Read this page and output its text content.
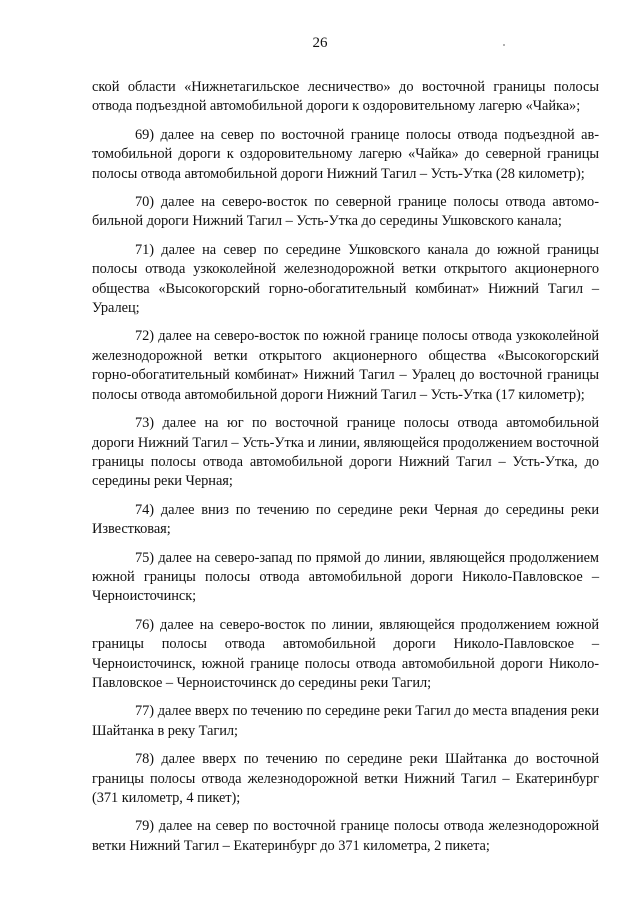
26

ской области «Нижнетагильское лесничество» до восточной границы полосы отвода подъездной автомобильной дороги к оздоровительному лагерю «Чайка»;

69) далее на север по восточной границе полосы отвода подъездной автомобильной дороги к оздоровительному лагерю «Чайка» до северной границы полосы отвода автомобильной дороги Нижний Тагил – Усть-Утка (28 километр);

70) далее на северо-восток по северной границе полосы отвода автомобильной дороги Нижний Тагил – Усть-Утка до середины Ушковского канала;

71) далее на север по середине Ушковского канала до южной границы полосы отвода узкоколейной железнодорожной ветки открытого акционерного общества «Высокогорский горно-обогатительный комбинат» Нижний Тагил – Уралец;

72) далее на северо-восток по южной границе полосы отвода узкоколейной железнодорожной ветки открытого акционерного общества «Высокогорский горно-обогатительный комбинат» Нижний Тагил – Уралец до восточной границы полосы отвода автомобильной дороги Нижний Тагил – Усть-Утка (17 километр);

73) далее на юг по восточной границе полосы отвода автомобильной дороги Нижний Тагил – Усть-Утка и линии, являющейся продолжением восточной границы полосы отвода автомобильной дороги Нижний Тагил – Усть-Утка, до середины реки Черная;

74) далее вниз по течению по середине реки Черная до середины реки Известковая;

75) далее на северо-запад по прямой до линии, являющейся продолжением южной границы полосы отвода автомобильной дороги Николо-Павловское – Черноисточинск;

76) далее на северо-восток по линии, являющейся продолжением южной границы полосы отвода автомобильной дороги Николо-Павловское – Черноисточинск, южной границе полосы отвода автомобильной дороги Николо-Павловское – Черноисточинск до середины реки Тагил;

77) далее вверх по течению по середине реки Тагил до места впадения реки Шайтанка в реку Тагил;

78) далее вверх по течению по середине реки Шайтанка до восточной границы полосы отвода железнодорожной ветки Нижний Тагил – Екатеринбург (371 километр, 4 пикет);

79) далее на север по восточной границе полосы отвода железнодорожной ветки Нижний Тагил – Екатеринбург до 371 километра, 2 пикета;
